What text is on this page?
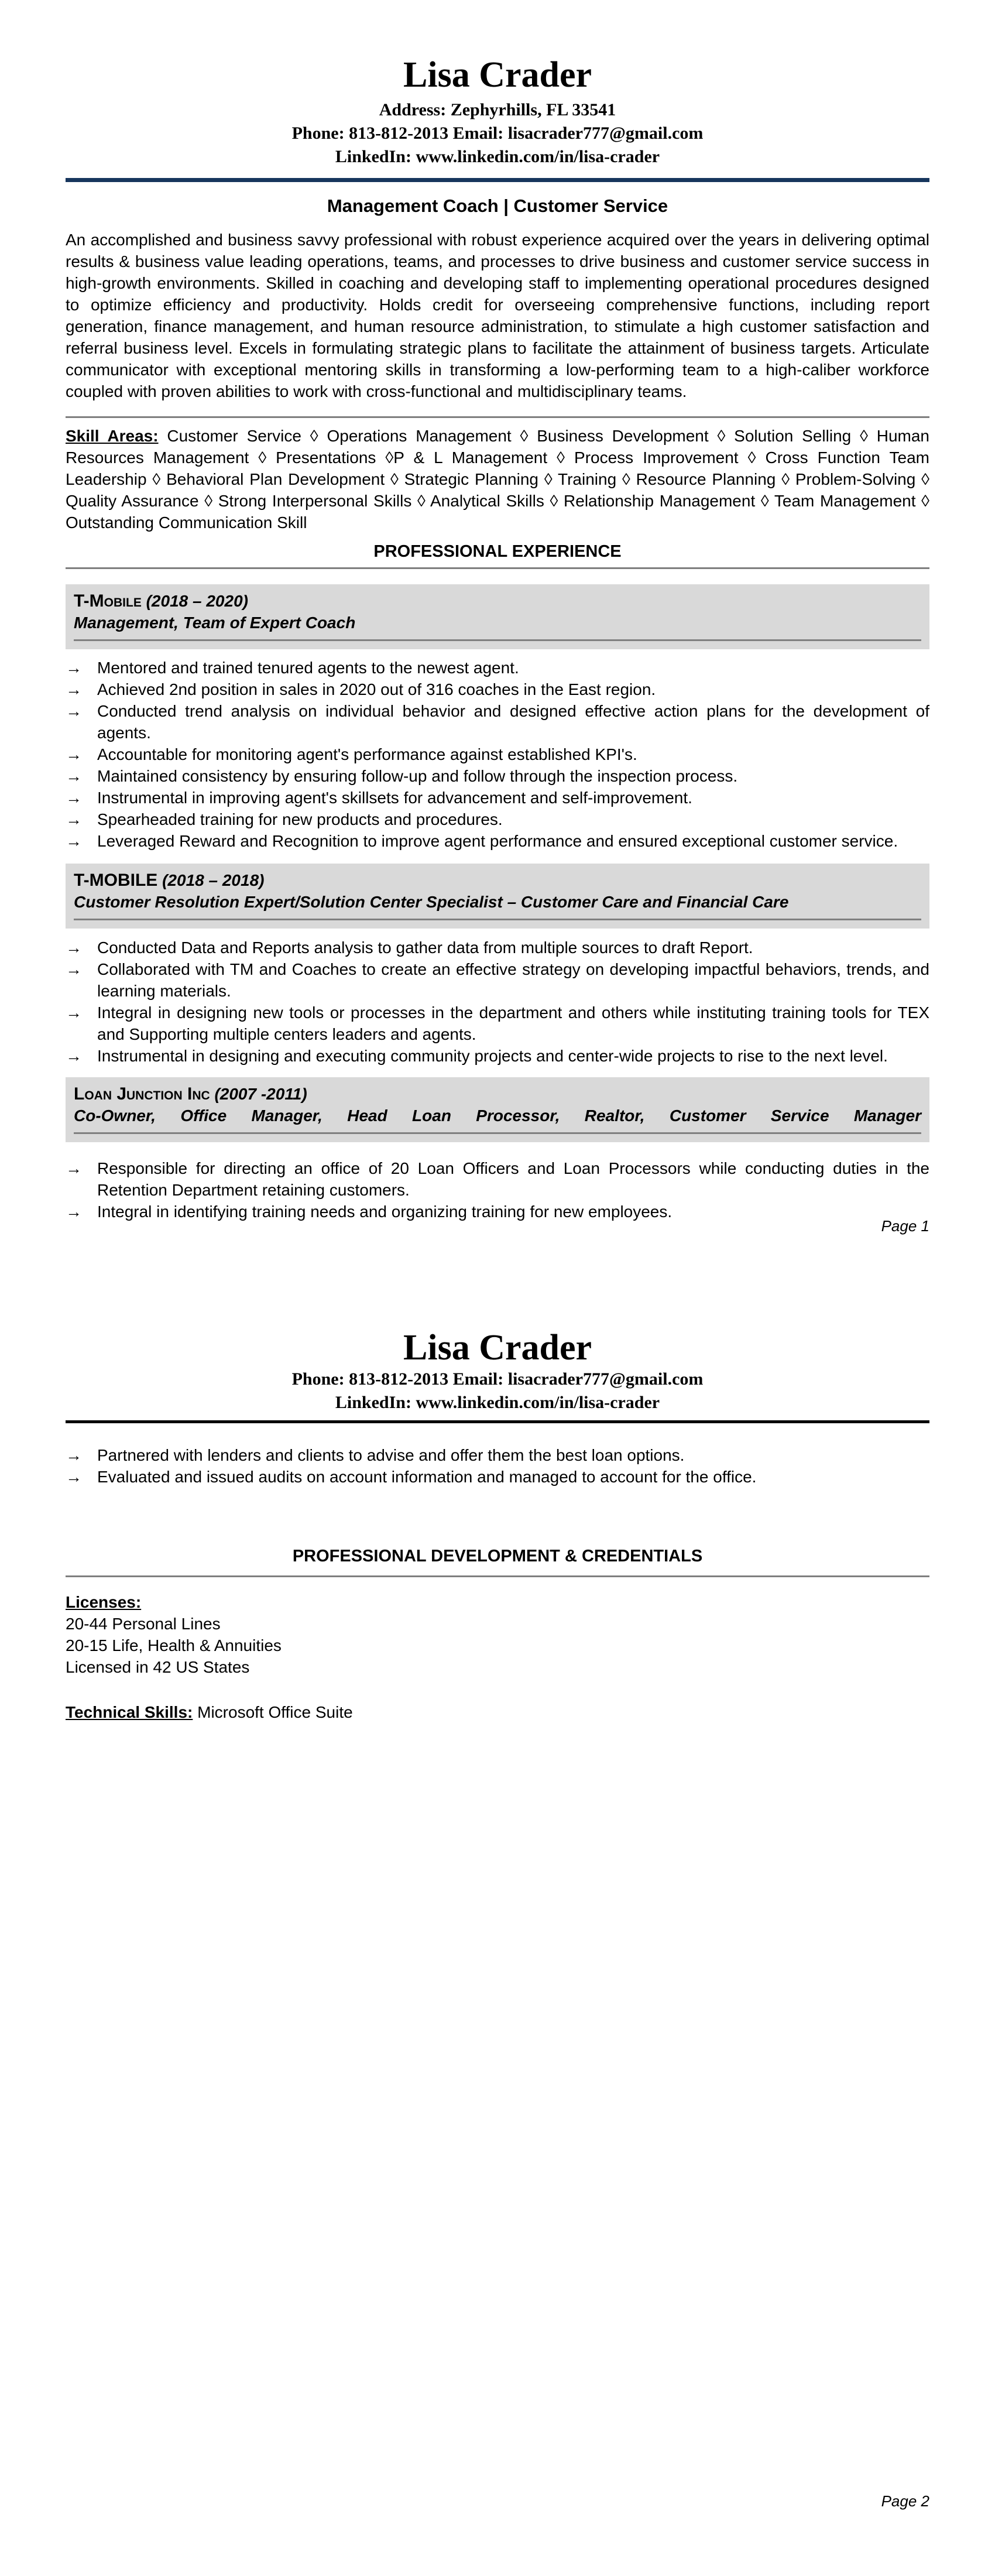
Lisa Crader
Address: Zephyrhills, FL 33541
Phone: 813-812-2013 Email: lisacrader777@gmail.com
LinkedIn: www.linkedin.com/in/lisa-crader
Management Coach | Customer Service

An accomplished and business savvy professional with robust experience acquired over the years in delivering optimal results & business value leading operations, teams, and processes to drive business and customer service success in high-growth environments. Skilled in coaching and developing staff to implementing operational procedures designed to optimize efficiency and productivity. Holds credit for overseeing comprehensive functions, including report generation, finance management, and human resource administration, to stimulate a high customer satisfaction and referral business level. Excels in formulating strategic plans to facilitate the attainment of business targets. Articulate communicator with exceptional mentoring skills in transforming a low-performing team to a high-caliber workforce coupled with proven abilities to work with cross-functional and multidisciplinary teams.

Skill Areas: Customer Service ◊ Operations Management ◊ Business Development ◊ Solution Selling ◊ Human Resources Management ◊ Presentations ◊P & L Management ◊ Process Improvement ◊ Cross Function Team Leadership ◊ Behavioral Plan Development ◊ Strategic Planning ◊ Training ◊ Resource Planning ◊ Problem-Solving ◊ Quality Assurance ◊ Strong Interpersonal Skills ◊ Analytical Skills ◊ Relationship Management ◊ Team Management ◊ Outstanding Communication Skill

PROFESSIONAL EXPERIENCE
T-Mobile (2018 – 2020)
Management, Team of Expert Coach
→ Mentored and trained tenured agents to the newest agent.
→ Achieved 2nd position in sales in 2020 out of 316 coaches in the East region.
→ Conducted trend analysis on individual behavior and designed effective action plans for the development of agents.
→ Accountable for monitoring agent's performance against established KPI's.
→ Maintained consistency by ensuring follow-up and follow through the inspection process.
→ Instrumental in improving agent's skillsets for advancement and self-improvement.
→ Spearheaded training for new products and procedures.
→ Leveraged Reward and Recognition to improve agent performance and ensured exceptional customer service.
T-MOBILE (2018 – 2018)
Customer Resolution Expert/Solution Center Specialist – Customer Care and Financial Care
→ Conducted Data and Reports analysis to gather data from multiple sources to draft Report.
→ Collaborated with TM and Coaches to create an effective strategy on developing impactful behaviors, trends, and learning materials.
→ Integral in designing new tools or processes in the department and others while instituting training tools for TEX and Supporting multiple centers leaders and agents.
→ Instrumental in designing and executing community projects and center-wide projects to rise to the next level.
Loan Junction Inc (2007 -2011)
Co-Owner, Office Manager, Head Loan Processor, Realtor, Customer Service Manager
→ Responsible for directing an office of 20 Loan Officers and Loan Processors while conducting duties in the Retention Department retaining customers.
→ Integral in identifying training needs and organizing training for new employees.
Page 1
Lisa Crader
Phone: 813-812-2013 Email: lisacrader777@gmail.com
LinkedIn: www.linkedin.com/in/lisa-crader
→ Partnered with lenders and clients to advise and offer them the best loan options.
→ Evaluated and issued audits on account information and managed to account for the office.
PROFESSIONAL DEVELOPMENT & CREDENTIALS
Licenses:
20-44 Personal Lines
20-15 Life, Health & Annuities
Licensed in 42 US States
Technical Skills: Microsoft Office Suite
Page 2
